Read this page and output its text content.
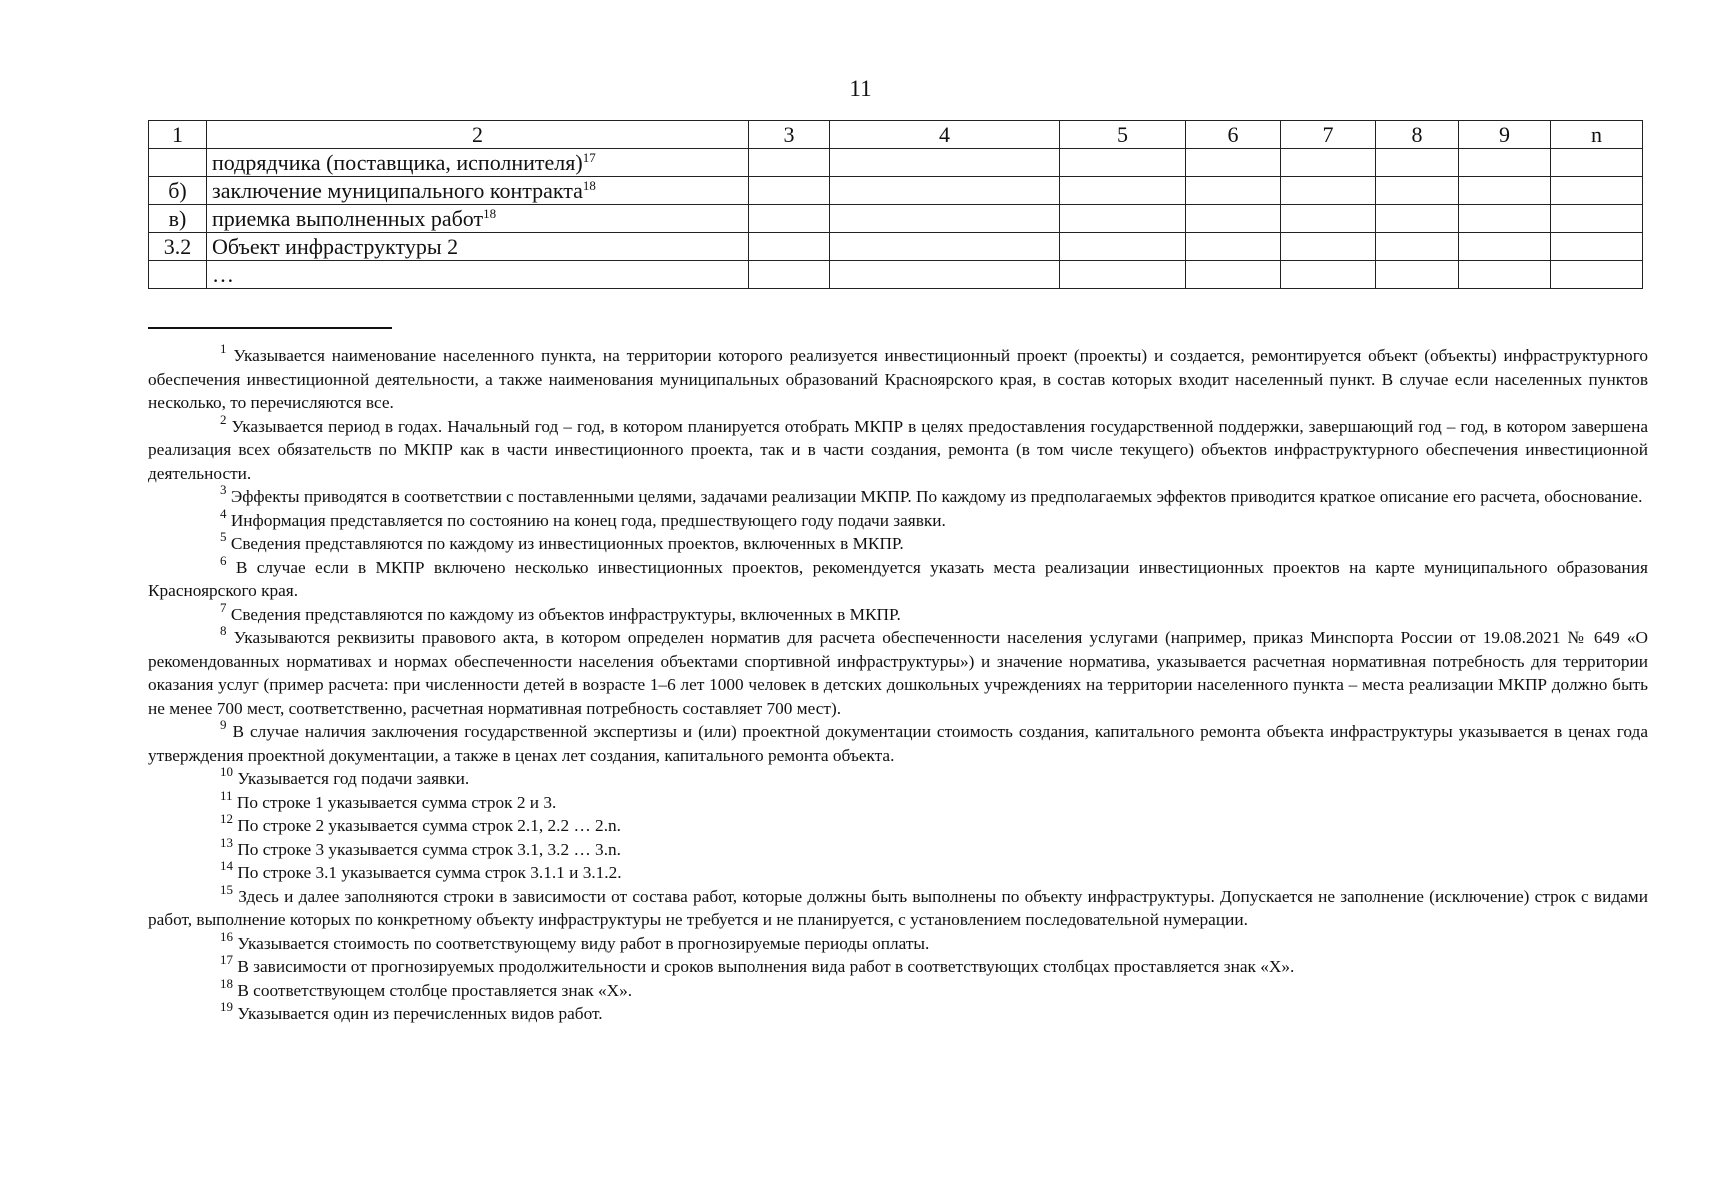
11
1	2	3	4	5	6	7	8	9	n
	подрядчика (поставщика, исполнителя)$^{17}$								
б)	заключение муниципального контракта$^{18}$								
в)	приемка выполненных работ$^{18}$								
3.2	Объект инфраструктуры 2								
	…								
$^1$ Указывается наименование населенного пункта, на территории которого реализуется инвестиционный проект (проекты) и создается, ремонтируется объект (объекты) инфраструктурного обеспечения инвестиционной деятельности, а также наименования муниципальных образований Красноярского края, в состав которых входит населенный пункт. В случае если населенных пунктов несколько, то перечисляются все.
$^2$ Указывается период в годах. Начальный год – год, в котором планируется отобрать МКПР в целях предоставления государственной поддержки, завершающий год – год, в котором завершена реализация всех обязательств по МКПР как в части инвестиционного проекта, так и в части создания, ремонта (в том числе текущего) объектов инфраструктурного обеспечения инвестиционной деятельности.
$^3$ Эффекты приводятся в соответствии с поставленными целями, задачами реализации МКПР. По каждому из предполагаемых эффектов приводится краткое описание его расчета, обоснование.
$^4$ Информация представляется по состоянию на конец года, предшествующего году подачи заявки.
$^5$ Сведения представляются по каждому из инвестиционных проектов, включенных в МКПР.
$^6$ В случае если в МКПР включено несколько инвестиционных проектов, рекомендуется указать места реализации инвестиционных проектов на карте муниципального образования Красноярского края.
$^7$ Сведения представляются по каждому из объектов инфраструктуры, включенных в МКПР.
$^8$ Указываются реквизиты правового акта, в котором определен норматив для расчета обеспеченности населения услугами (например, приказ Минспорта России от 19.08.2021 № 649 «О рекомендованных нормативах и нормах обеспеченности населения объектами спортивной инфраструктуры») и значение норматива, указывается расчетная нормативная потребность для территории оказания услуг (пример расчета: при численности детей в возрасте 1–6 лет 1000 человек в детских дошкольных учреждениях на территории населенного пункта – места реализации МКПР должно быть не менее 700 мест, соответственно, расчетная нормативная потребность составляет 700 мест).
$^9$ В случае наличия заключения государственной экспертизы и (или) проектной документации стоимость создания, капитального ремонта объекта инфраструктуры указывается в ценах года утверждения проектной документации, а также в ценах лет создания, капитального ремонта объекта.
$^{10}$ Указывается год подачи заявки.
$^{11}$ По строке 1 указывается сумма строк 2 и 3.
$^{12}$ По строке 2 указывается сумма строк 2.1, 2.2 … 2.n.
$^{13}$ По строке 3 указывается сумма строк 3.1, 3.2 … 3.n.
$^{14}$ По строке 3.1 указывается сумма строк 3.1.1 и 3.1.2.
$^{15}$ Здесь и далее заполняются строки в зависимости от состава работ, которые должны быть выполнены по объекту инфраструктуры. Допускается не заполнение (исключение) строк с видами работ, выполнение которых по конкретному объекту инфраструктуры не требуется и не планируется, с установлением последовательной нумерации.
$^{16}$ Указывается стоимость по соответствующему виду работ в прогнозируемые периоды оплаты.
$^{17}$ В зависимости от прогнозируемых продолжительности и сроков выполнения вида работ в соответствующих столбцах проставляется знак «X».
$^{18}$ В соответствующем столбце проставляется знак «X».
$^{19}$ Указывается один из перечисленных видов работ.
